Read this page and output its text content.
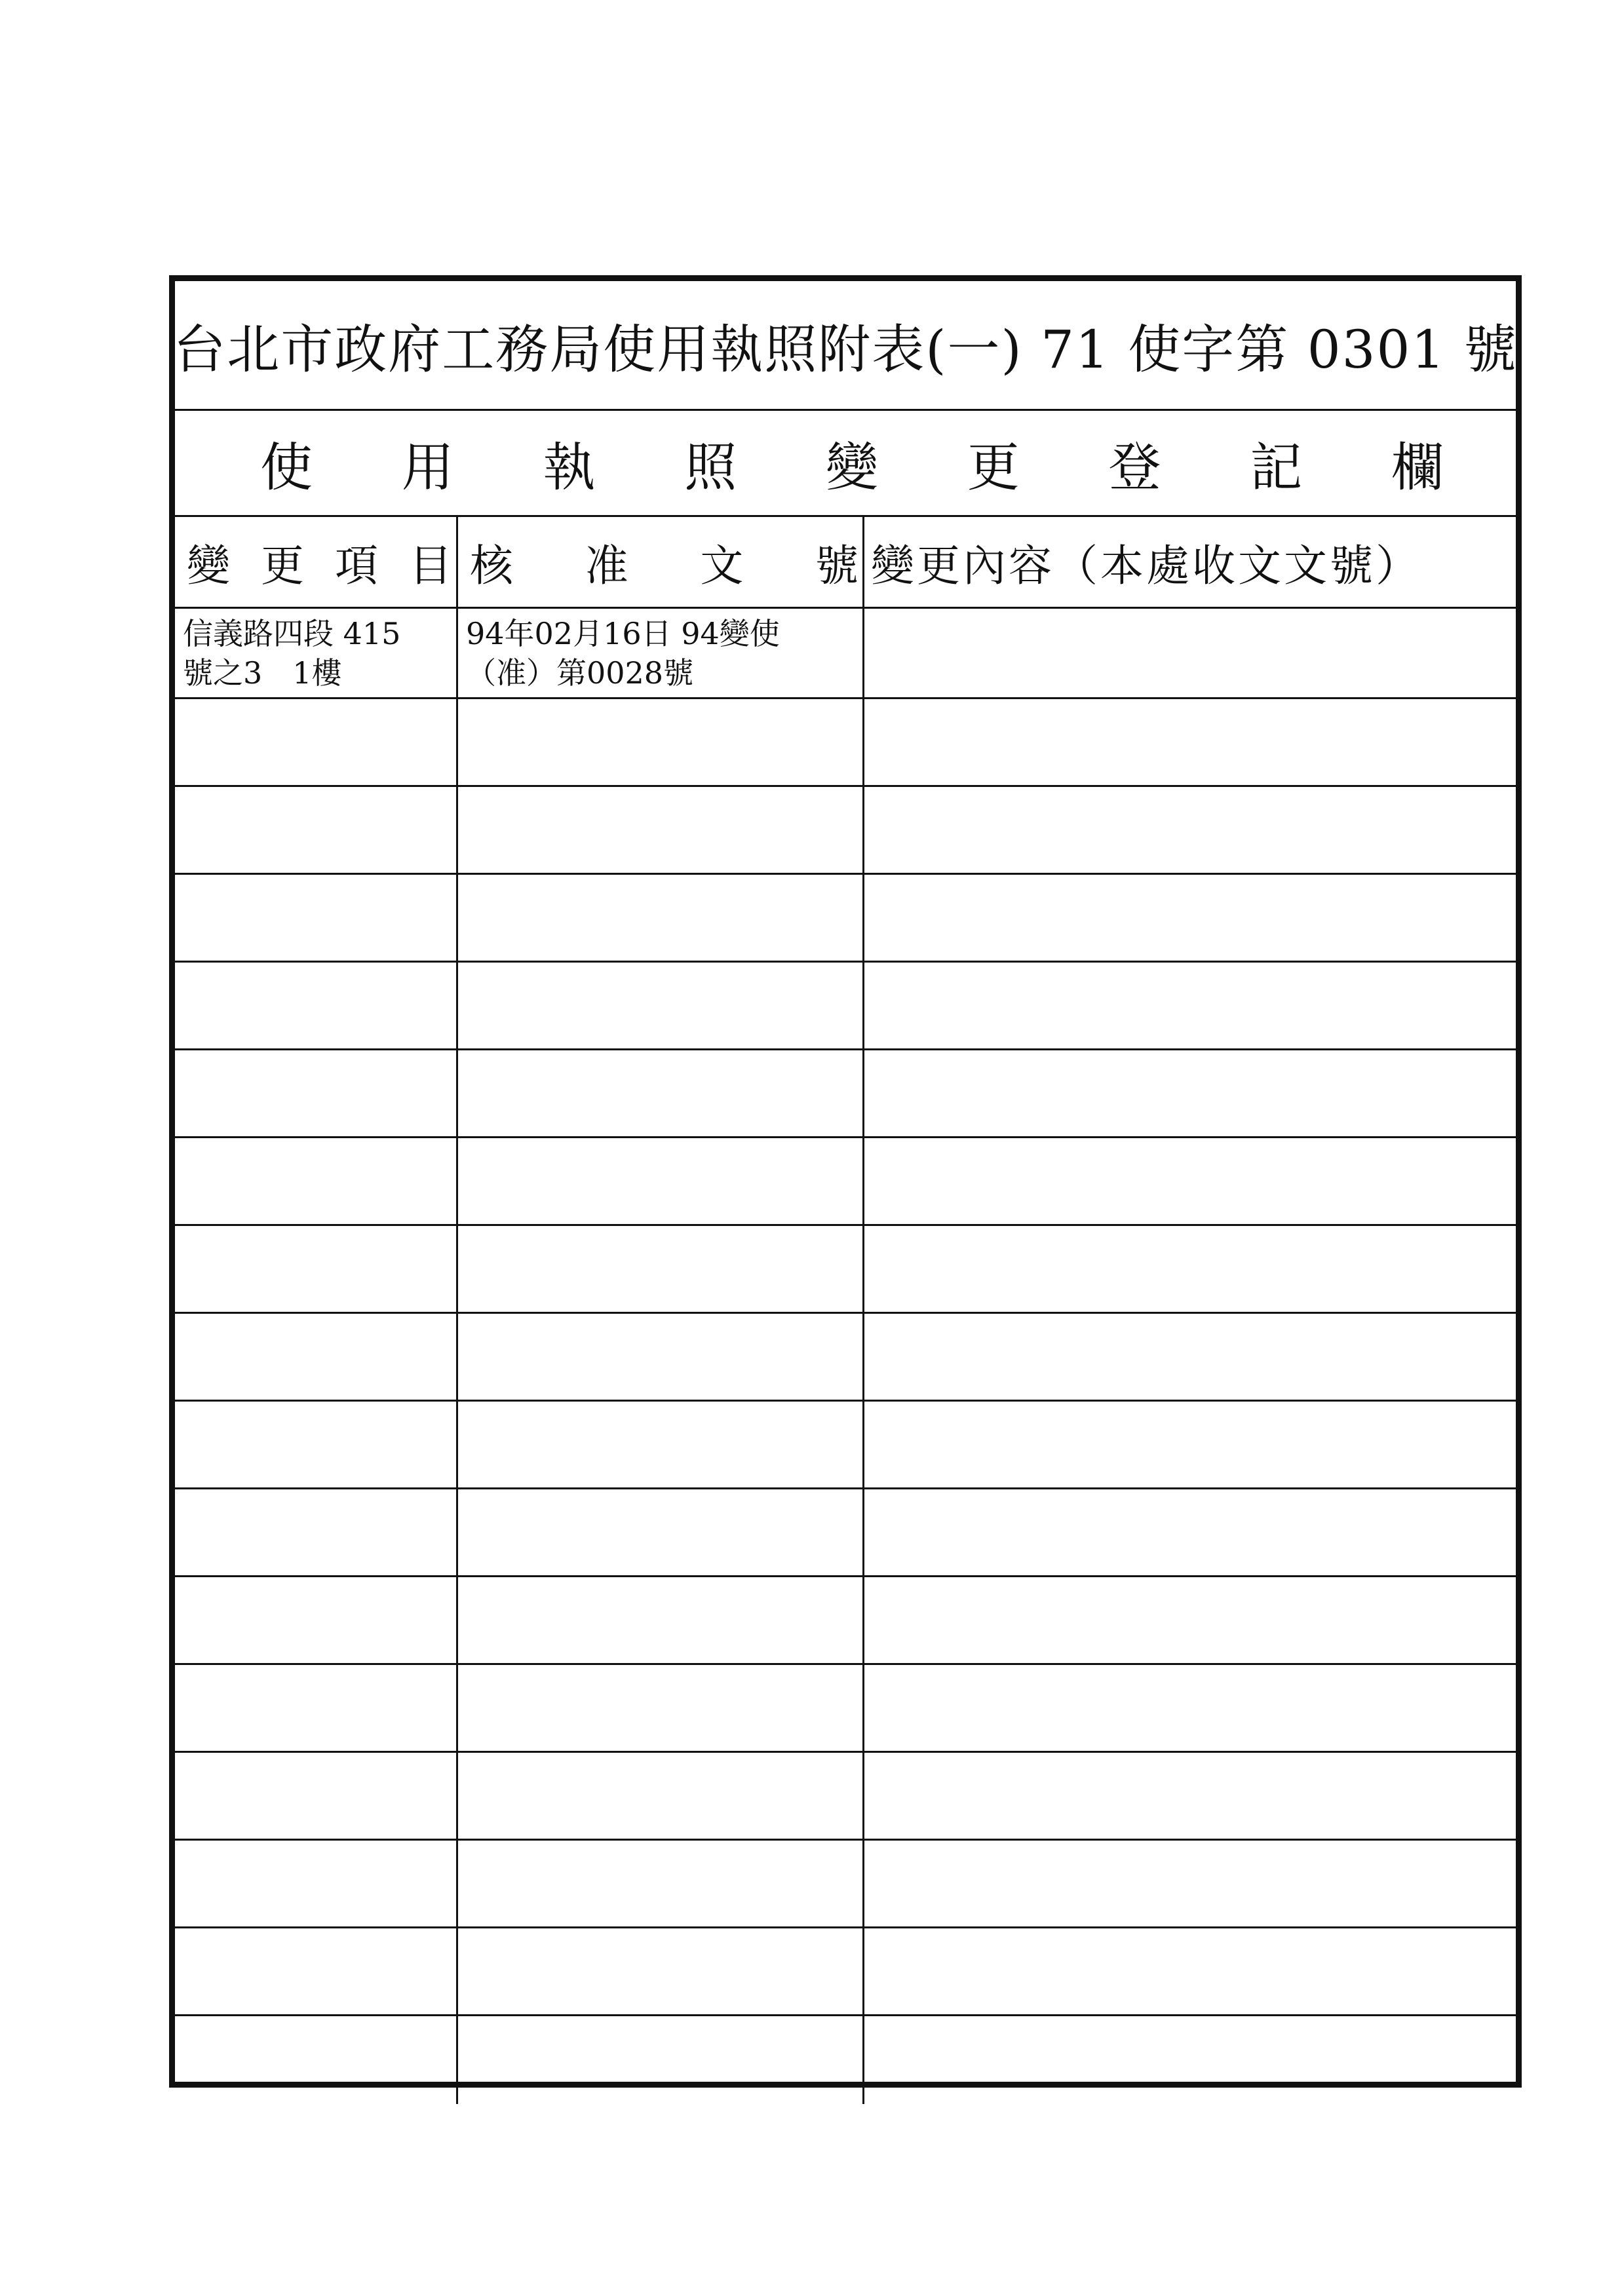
台北市政府工務局使用執照附表(一) 71 使字第 0301 號
使 用 執 照 變 更 登 記 欄
變 更 項 目 核 准 文 號 變更內容（本處收文文號）
信義路四段 415
號之3　1樓
94年02月16日 94變使
（准）第0028號
